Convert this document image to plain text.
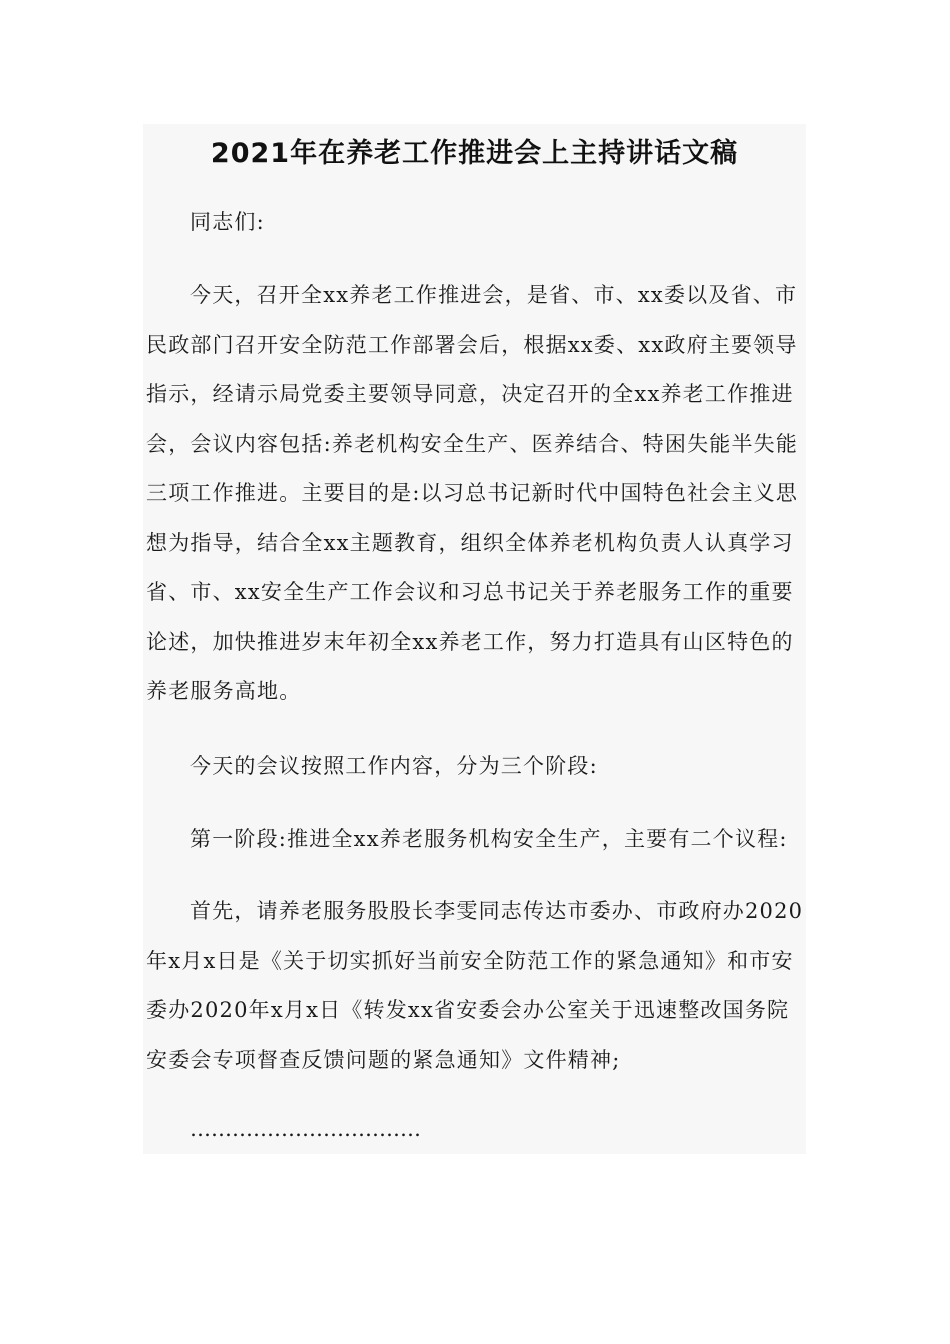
2021年在养老工作推进会上主持讲话文稿

同志们:

今天，召开全xx养老工作推进会，是省、市、xx委以及省、市民政部门召开安全防范工作部署会后，根据xx委、xx政府主要领导指示，经请示局党委主要领导同意，决定召开的全xx养老工作推进会，会议内容包括:养老机构安全生产、医养结合、特困失能半失能三项工作推进。主要目的是:以习总书记新时代中国特色社会主义思想为指导，结合全xx主题教育，组织全体养老机构负责人认真学习省、市、xx安全生产工作会议和习总书记关于养老服务工作的重要论述，加快推进岁末年初全xx养老工作，努力打造具有山区特色的养老服务高地。

今天的会议按照工作内容，分为三个阶段:

第一阶段:推进全xx养老服务机构安全生产，主要有二个议程:

首先，请养老服务股股长李雯同志传达市委办、市政府办2020年x月x日是《关于切实抓好当前安全防范工作的紧急通知》和市安委办2020年x月x日《转发xx省安委会办公室关于迅速整改国务院安委会专项督查反馈问题的紧急通知》文件精神;

……………………………
